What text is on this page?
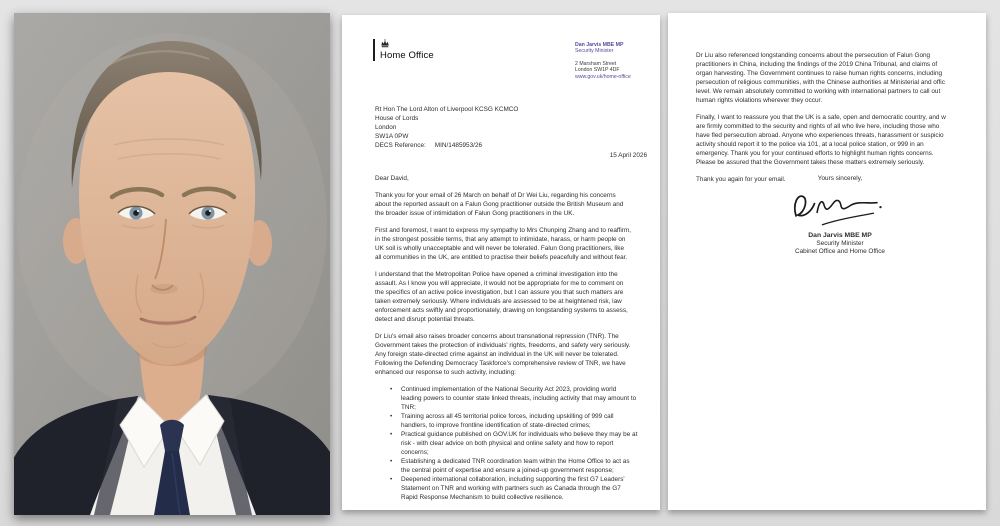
Home Office
Dan Jarvis MBE MP
Security Minister
2 Marsham Street
London SW1P 4DF
www.gov.uk/home-office
Rt Hon The Lord Alton of Liverpool KCSG KCMCO
House of Lords
London
SW1A 0PW
DECS Reference: MIN/1485953/26
15 April 2026

Dear David,

Thank you for your email of 26 March on behalf of Dr Wei Liu, regarding his concerns
about the reported assault on a Falun Gong practitioner outside the British Museum and
the broader issue of intimidation of Falun Gong practitioners in the UK.

First and foremost, I want to express my sympathy to Mrs Chunping Zhang and to reaffirm,
in the strongest possible terms, that any attempt to intimidate, harass, or harm people on
UK soil is wholly unacceptable and will never be tolerated. Falun Gong practitioners, like
all communities in the UK, are entitled to practise their beliefs peacefully and without fear.

I understand that the Metropolitan Police have opened a criminal investigation into the
assault. As I know you will appreciate, it would not be appropriate for me to comment on
the specifics of an active police investigation, but I can assure you that such matters are
taken extremely seriously. Where individuals are assessed to be at heightened risk, law
enforcement acts swiftly and proportionately, drawing on longstanding systems to assess,
detect and disrupt potential threats.

Dr Liu's email also raises broader concerns about transnational repression (TNR). The
Government takes the protection of individuals' rights, freedoms, and safety very seriously.
Any foreign state-directed crime against an individual in the UK will never be tolerated.
Following the Defending Democracy Taskforce's comprehensive review of TNR, we have
enhanced our response to such activity, including:

•	Continued implementation of the National Security Act 2023, providing world
leading powers to counter state linked threats, including activity that may amount to
TNR;
•	Training across all 45 territorial police forces, including upskilling of 999 call
handlers, to improve frontline identification of state-directed crimes;
•	Practical guidance published on GOV.UK for individuals who believe they may be at
risk - with clear advice on both physical and online safety and how to report
concerns;
•	Establishing a dedicated TNR coordination team within the Home Office to act as
the central point of expertise and ensure a joined-up government response;
•	Deepened international collaboration, including supporting the first G7 Leaders'
Statement on TNR and working with partners such as Canada through the G7
Rapid Response Mechanism to build collective resilience.

Dr Liu also referenced longstanding concerns about the persecution of Falun Gong
practitioners in China, including the findings of the 2019 China Tribunal, and claims of
organ harvesting. The Government continues to raise human rights concerns, including
persecution of religious communities, with the Chinese authorities at Ministerial and offic
level. We remain absolutely committed to working with international partners to call out
human rights violations wherever they occur.

Finally, I want to reassure you that the UK is a safe, open and democratic country, and w
are firmly committed to the security and rights of all who live here, including those who
have fled persecution abroad. Anyone who experiences threats, harassment or suspicio
activity should report it to the police via 101, at a local police station, or 999 in an
emergency. Thank you for your continued efforts to highlight human rights concerns.
Please be assured that the Government takes these matters extremely seriously.

Thank you again for your email.	Yours sincerely,
Dan Jarvis MBE MP
Security Minister
Cabinet Office and Home Office
